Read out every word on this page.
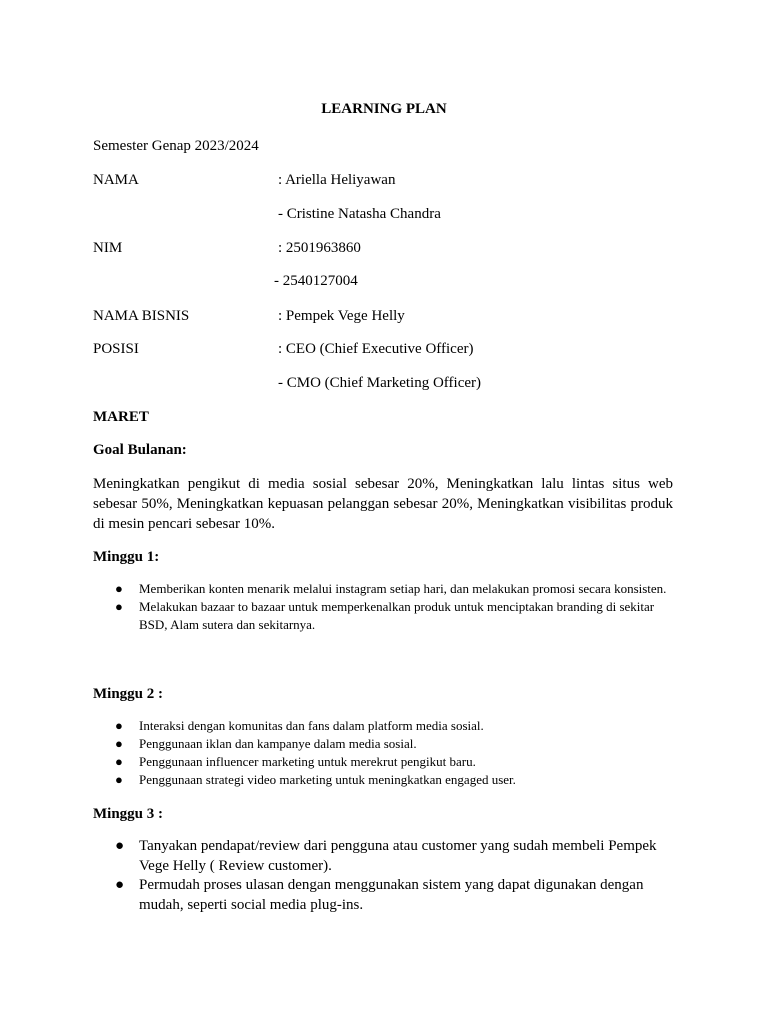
LEARNING PLAN
Semester Genap 2023/2024
NAMA	: Ariella Heliyawan
- Cristine Natasha Chandra
NIM	: 2501963860
- 2540127004
NAMA BISNIS	: Pempek Vege Helly
POSISI	: CEO (Chief Executive Officer)
- CMO (Chief Marketing Officer)
MARET
Goal Bulanan:
Meningkatkan pengikut di media sosial sebesar 20%, Meningkatkan lalu lintas situs web sebesar 50%, Meningkatkan kepuasan pelanggan sebesar 20%, Meningkatkan visibilitas produk di mesin pencari sebesar 10%.
Minggu 1:
● Memberikan konten menarik melalui instagram setiap hari, dan melakukan promosi secara konsisten.
● Melakukan bazaar to bazaar untuk memperkenalkan produk untuk menciptakan branding di sekitar BSD, Alam sutera dan sekitarnya.
Minggu 2 :
● Interaksi dengan komunitas dan fans dalam platform media sosial.
● Penggunaan iklan dan kampanye dalam media sosial.
● Penggunaan influencer marketing untuk merekrut pengikut baru.
● Penggunaan strategi video marketing untuk meningkatkan engaged user.
Minggu 3 :
● Tanyakan pendapat/review dari pengguna atau customer yang sudah membeli Pempek Vege Helly ( Review customer).
● Permudah proses ulasan dengan menggunakan sistem yang dapat digunakan dengan mudah, seperti social media plug-ins.
